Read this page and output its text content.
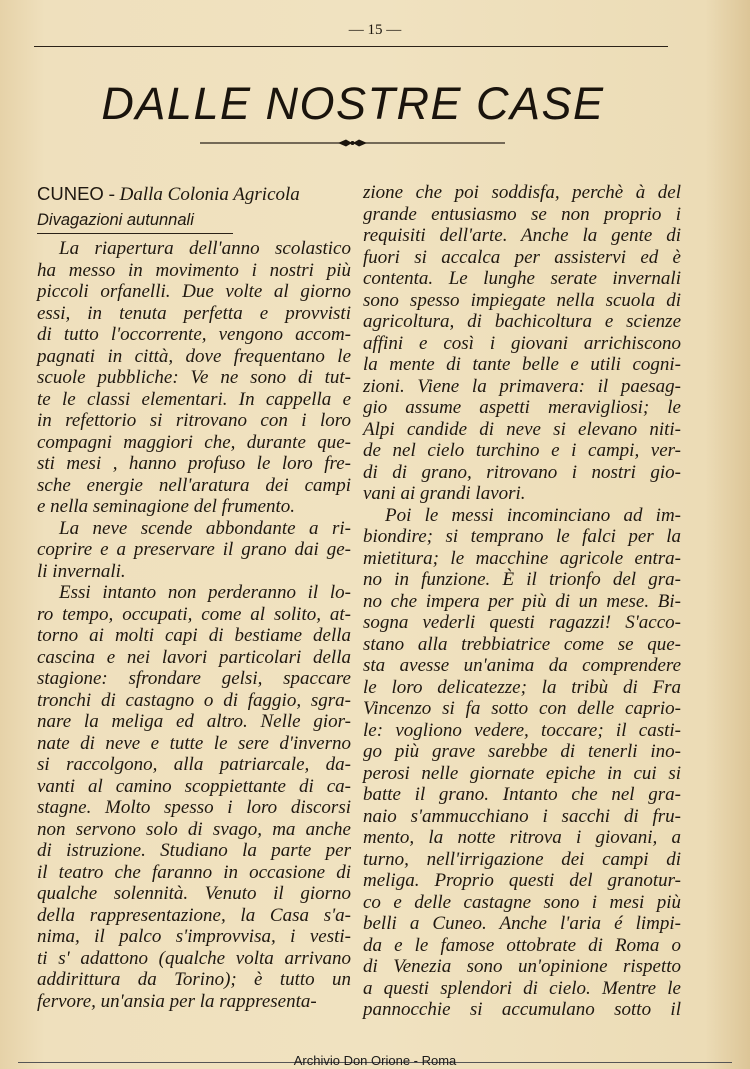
— 15 —
DALLE NOSTRE CASE
CUNEO - Dalla Colonia Agricola
Divagazioni autunnali
La riapertura dell'anno scolastico
ha messo in movimento i nostri più
piccoli orfanelli. Due volte al giorno
essi, in tenuta perfetta e provvisti
di tutto l'occorrente, vengono accom-
pagnati in città, dove frequentano le
scuole pubbliche: Ve ne sono di tut-
te le classi elementari. In cappella e
in refettorio si ritrovano con i loro
compagni maggiori che, durante que-
sti mesi , hanno profuso le loro fre-
sche energie nell'aratura dei campi
e nella seminagione del frumento.
La neve scende abbondante a ri-
coprire e a preservare il grano dai ge-
li invernali.
Essi intanto non perderanno il lo-
ro tempo, occupati, come al solito, at-
torno ai molti capi di bestiame della
cascina e nei lavori particolari della
stagione: sfrondare gelsi, spaccare
tronchi di castagno o di faggio, sgra-
nare la meliga ed altro. Nelle gior-
nate di neve e tutte le sere d'inverno
si raccolgono, alla patriarcale, da-
vanti al camino scoppiettante di ca-
stagne. Molto spesso i loro discorsi
non servono solo di svago, ma anche
di istruzione. Studiano la parte per
il teatro che faranno in occasione di
qualche solennità. Venuto il giorno
della rappresentazione, la Casa s'a-
nima, il palco s'improvvisa, i vesti-
ti s' adattono (qualche volta arrivano
addirittura da Torino); è tutto un
fervore, un'ansia per la rappresenta-
zione che poi soddisfa, perchè à del
grande entusiasmo se non proprio i
requisiti dell'arte. Anche la gente di
fuori si accalca per assistervi ed è
contenta. Le lunghe serate invernali
sono spesso impiegate nella scuola di
agricoltura, di bachicoltura e scienze
affini e così i giovani arrichiscono
la mente di tante belle e utili cogni-
zioni. Viene la primavera: il paesag-
gio assume aspetti meravigliosi; le
Alpi candide di neve si elevano niti-
de nel cielo turchino e i campi, ver-
di di grano, ritrovano i nostri gio-
vani ai grandi lavori.
Poi le messi incominciano ad im-
biondire; si temprano le falci per la
mietitura; le macchine agricole entra-
no in funzione. È il trionfo del gra-
no che impera per più di un mese. Bi-
sogna vederli questi ragazzi! S'acco-
stano alla trebbiatrice come se que-
sta avesse un'anima da comprendere
le loro delicatezze; la tribù di Fra
Vincenzo si fa sotto con delle caprio-
le: vogliono vedere, toccare; il casti-
go più grave sarebbe di tenerli ino-
perosi nelle giornate epiche in cui si
batte il grano. Intanto che nel gra-
naio s'ammucchiano i sacchi di fru-
mento, la notte ritrova i giovani, a
turno, nell'irrigazione dei campi di
meliga. Proprio questi del granotur-
co e delle castagne sono i mesi più
belli a Cuneo. Anche l'aria é limpi-
da e le famose ottobrate di Roma o
di Venezia sono un'opinione rispetto
a questi splendori di cielo. Mentre le
pannocchie si accumulano sotto il
Archivio Don Orione - Roma
